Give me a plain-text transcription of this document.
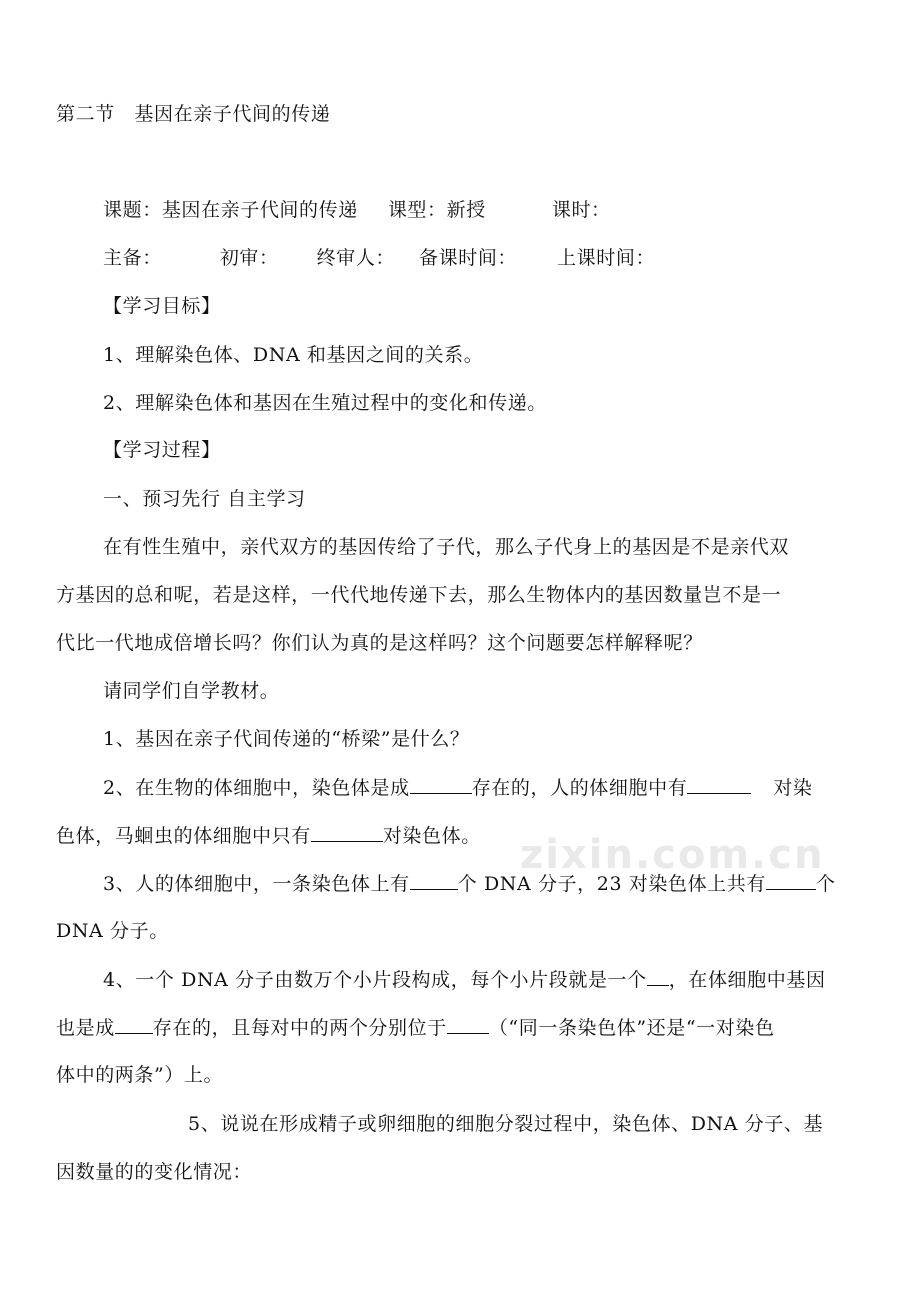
第二节　基因在亲子代间的传递
课题：基因在亲子代间的传递 课型：新授	课时：
主备：	初审： 终审人： 备课时间： 上课时间：
【学习目标】
1、理解染色体、DNA 和基因之间的关系。
2、理解染色体和基因在生殖过程中的变化和传递。
【学习过程】
一、预习先行 自主学习
在有性生殖中，亲代双方的基因传给了子代，那么子代身上的基因是不是亲代双
方基因的总和呢，若是这样，一代代地传递下去，那么生物体内的基因数量岂不是一
代比一代地成倍增长吗？你们认为真的是这样吗？这个问题要怎样解释呢？
请同学们自学教材。
1、基因在亲子代间传递的“桥梁”是什么？
2、在生物的体细胞中，染色体是成	存在的，人的体细胞中有	对染
色体，马蛔虫的体细胞中只有	对染色体。 zixin.com.cn
3、人的体细胞中，一条染色体上有	个 DNA 分子，23 对染色体上共有	个
DNA 分子。
4、一个 DNA 分子由数万个小片段构成，每个小片段就是一个 ，在体细胞中基因
也是成 存在的，且每对中的两个分别位于 （“同一条染色体”还是“一对染色
体中的两条”）上。
5、说说在形成精子或卵细胞的细胞分裂过程中，染色体、DNA 分子、基
因数量的的变化情况：
